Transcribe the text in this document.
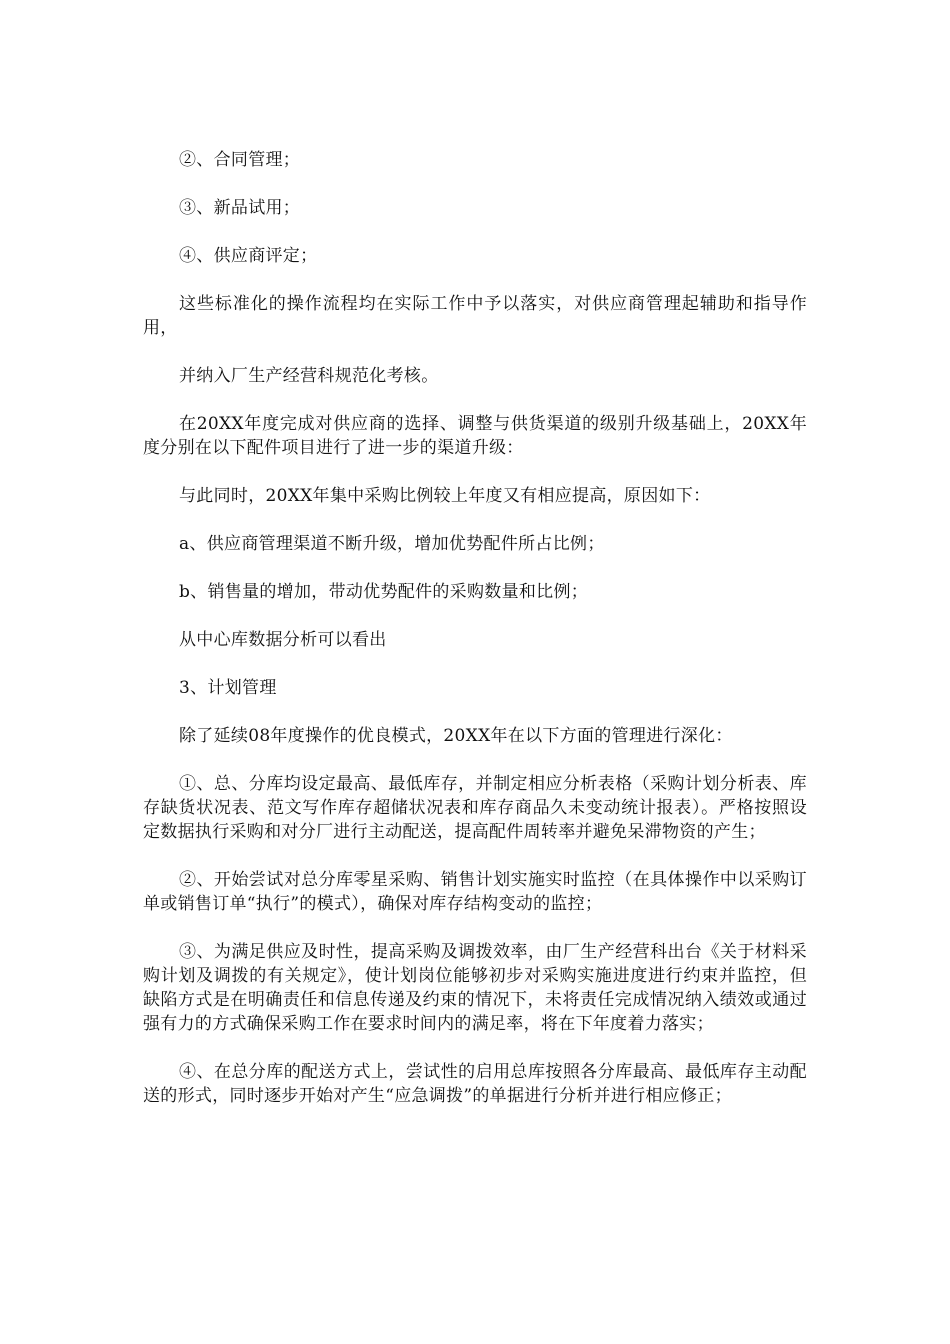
②、合同管理；

③、新品试用；

④、供应商评定；

这些标准化的操作流程均在实际工作中予以落实，对供应商管理起辅助和指导作用，

并纳入厂生产经营科规范化考核。

在20XX年度完成对供应商的选择、调整与供货渠道的级别升级基础上，20XX年度分别在以下配件项目进行了进一步的渠道升级：

与此同时，20XX年集中采购比例较上年度又有相应提高，原因如下：

a、供应商管理渠道不断升级，增加优势配件所占比例；

b、销售量的增加，带动优势配件的采购数量和比例；

从中心库数据分析可以看出

3、计划管理

除了延续08年度操作的优良模式，20XX年在以下方面的管理进行深化：

①、总、分库均设定最高、最低库存，并制定相应分析表格（采购计划分析表、库存缺货状况表、范文写作库存超储状况表和库存商品久未变动统计报表）。严格按照设定数据执行采购和对分厂进行主动配送，提高配件周转率并避免呆滞物资的产生；

②、开始尝试对总分库零星采购、销售计划实施实时监控（在具体操作中以采购订单或销售订单“执行”的模式），确保对库存结构变动的监控；

③、为满足供应及时性，提高采购及调拨效率，由厂生产经营科出台《关于材料采购计划及调拨的有关规定》，使计划岗位能够初步对采购实施进度进行约束并监控，但缺陷方式是在明确责任和信息传递及约束的情况下，未将责任完成情况纳入绩效或通过强有力的方式确保采购工作在要求时间内的满足率，将在下年度着力落实；

④、在总分库的配送方式上，尝试性的启用总库按照各分库最高、最低库存主动配送的形式，同时逐步开始对产生“应急调拨”的单据进行分析并进行相应修正；
